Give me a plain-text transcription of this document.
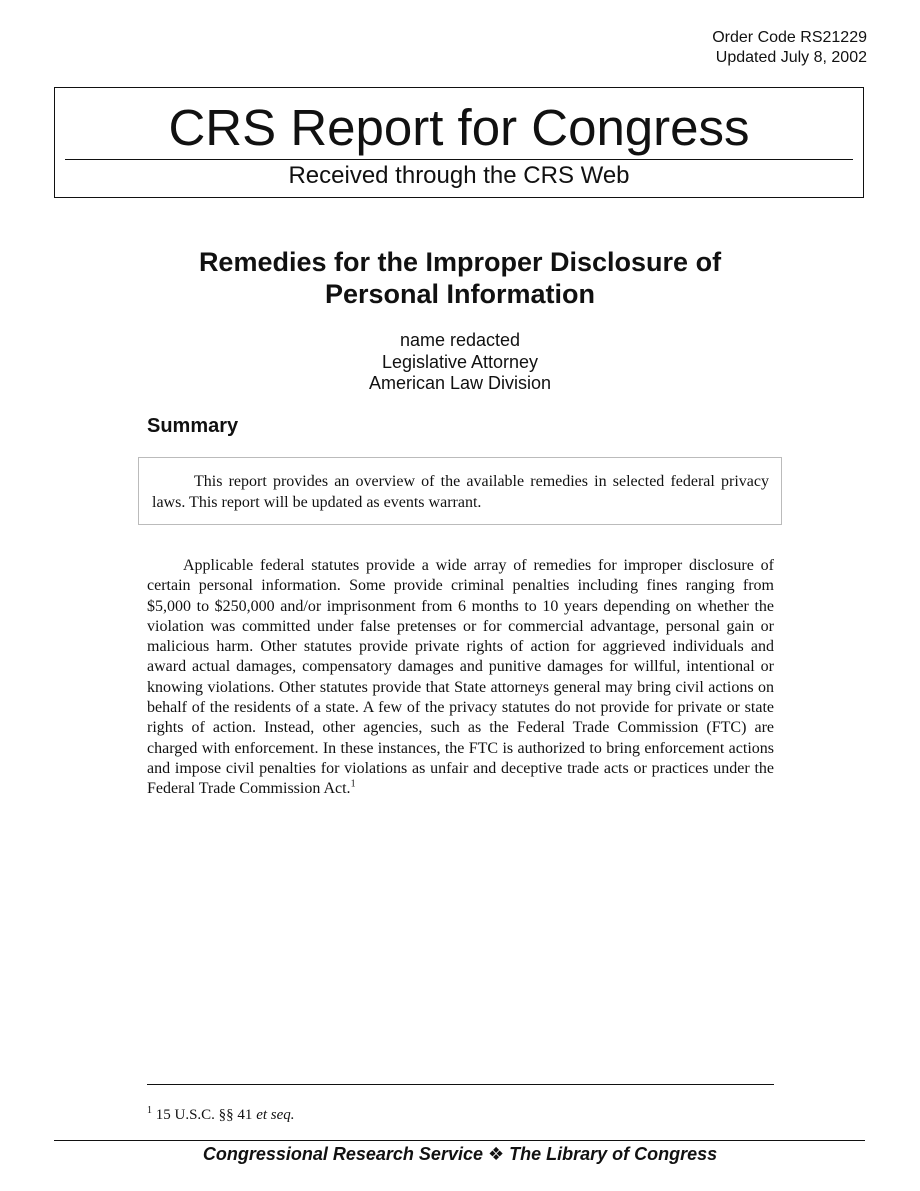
Order Code RS21229
Updated July 8, 2002
CRS Report for Congress
Received through the CRS Web
Remedies for the Improper Disclosure of Personal Information
name redacted
Legislative Attorney
American Law Division
Summary
This report provides an overview of the available remedies in selected federal privacy laws. This report will be updated as events warrant.
Applicable federal statutes provide a wide array of remedies for improper disclosure of certain personal information. Some provide criminal penalties including fines ranging from $5,000 to $250,000 and/or imprisonment from 6 months to 10 years depending on whether the violation was committed under false pretenses or for commercial advantage, personal gain or malicious harm. Other statutes provide private rights of action for aggrieved individuals and award actual damages, compensatory damages and punitive damages for willful, intentional or knowing violations. Other statutes provide that State attorneys general may bring civil actions on behalf of the residents of a state. A few of the privacy statutes do not provide for private or state rights of action. Instead, other agencies, such as the Federal Trade Commission (FTC) are charged with enforcement. In these instances, the FTC is authorized to bring enforcement actions and impose civil penalties for violations as unfair and deceptive trade acts or practices under the Federal Trade Commission Act.$^1$
$^1$ 15 U.S.C. §§ 41 et seq.
Congressional Research Service ❖ The Library of Congress
